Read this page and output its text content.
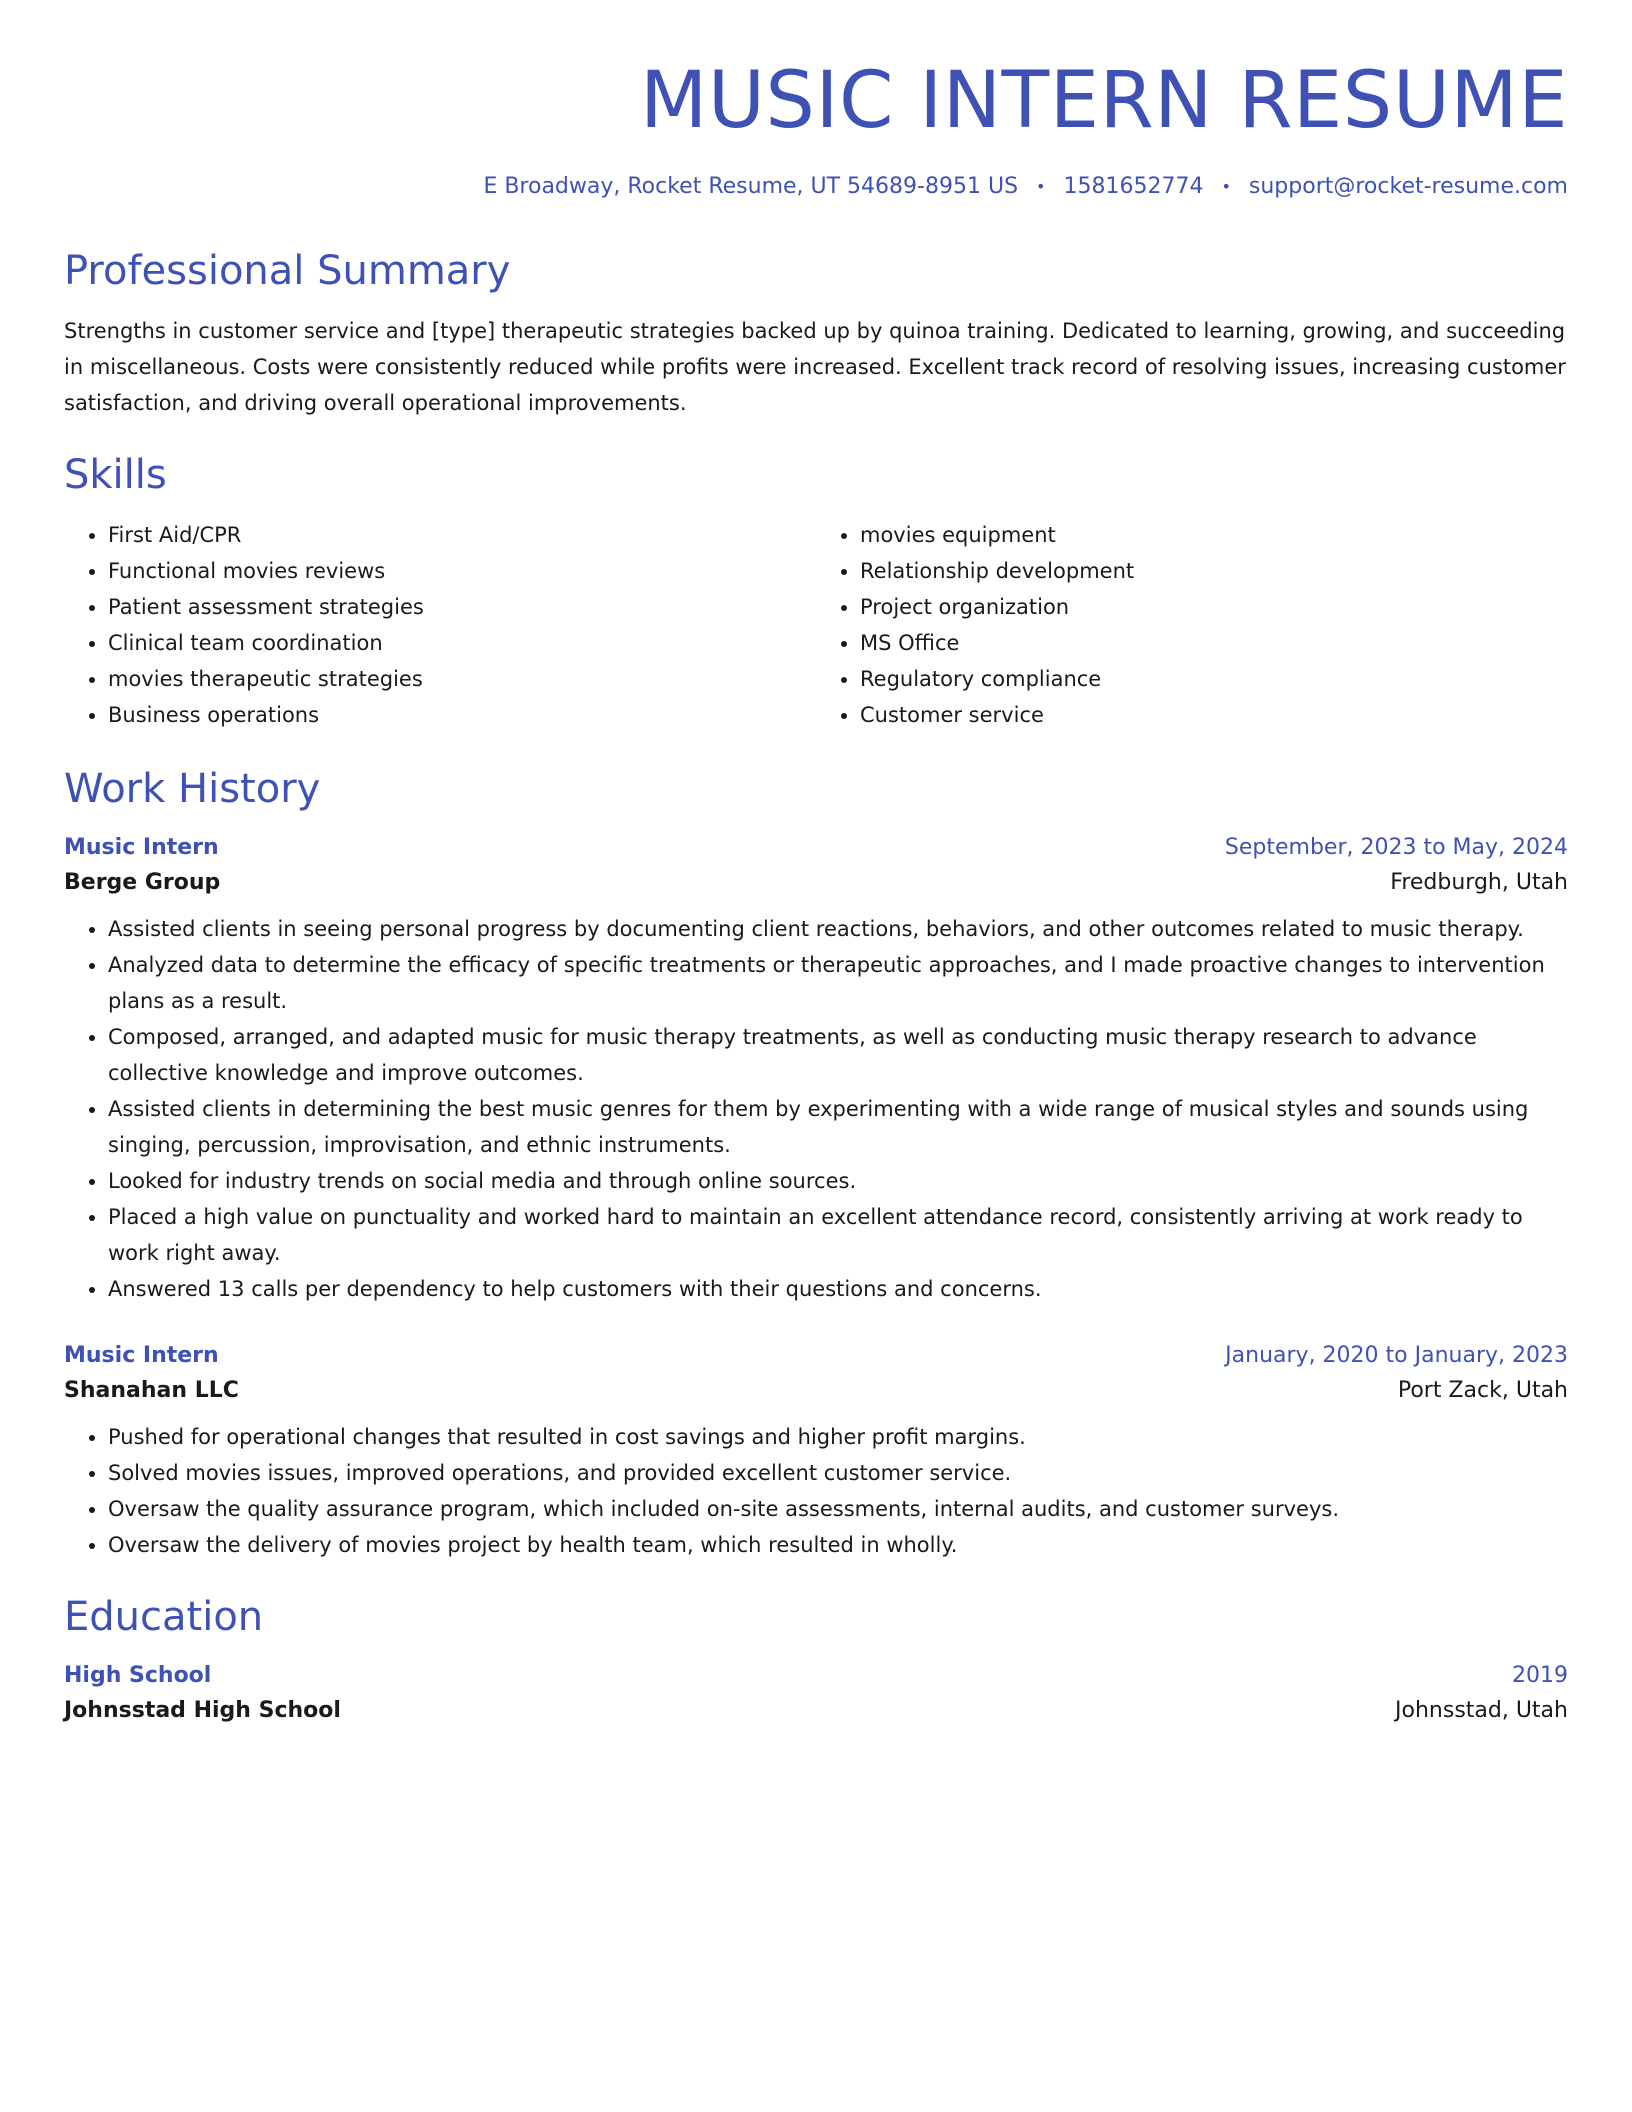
MUSIC INTERN RESUME
E Broadway, Rocket Resume, UT 54689-8951 US • 1581652774 • support@rocket-resume.com
Professional Summary

Strengths in customer service and [type] therapeutic strategies backed up by quinoa training. Dedicated to learning, growing, and succeeding in miscellaneous. Costs were consistently reduced while profits were increased. Excellent track record of resolving issues, increasing customer satisfaction, and driving overall operational improvements.

Skills
• First Aid/CPR
• Functional movies reviews
• Patient assessment strategies
• Clinical team coordination
• movies therapeutic strategies
• Business operations
• movies equipment
• Relationship development
• Project organization
• MS Office
• Regulatory compliance
• Customer service
Work History
Music Intern	September, 2023 to May, 2024
Berge Group	Fredburgh, Utah
• Assisted clients in seeing personal progress by documenting client reactions, behaviors, and other outcomes related to music therapy.
• Analyzed data to determine the efficacy of specific treatments or therapeutic approaches, and I made proactive changes to intervention plans as a result.
• Composed, arranged, and adapted music for music therapy treatments, as well as conducting music therapy research to advance collective knowledge and improve outcomes.
• Assisted clients in determining the best music genres for them by experimenting with a wide range of musical styles and sounds using singing, percussion, improvisation, and ethnic instruments.
• Looked for industry trends on social media and through online sources.
• Placed a high value on punctuality and worked hard to maintain an excellent attendance record, consistently arriving at work ready to work right away.
• Answered 13 calls per dependency to help customers with their questions and concerns.
Music Intern	January, 2020 to January, 2023
Shanahan LLC	Port Zack, Utah
• Pushed for operational changes that resulted in cost savings and higher profit margins.
• Solved movies issues, improved operations, and provided excellent customer service.
• Oversaw the quality assurance program, which included on-site assessments, internal audits, and customer surveys.
• Oversaw the delivery of movies project by health team, which resulted in wholly.
Education
High School	2019
Johnsstad High School	Johnsstad, Utah
